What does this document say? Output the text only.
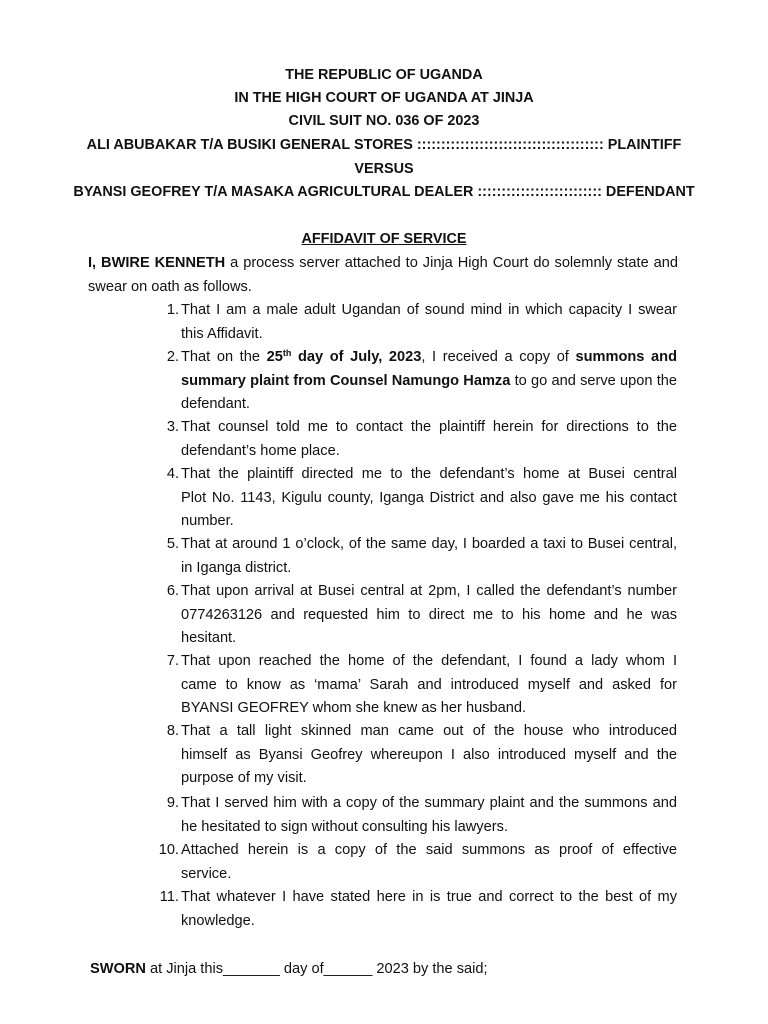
THE REPUBLIC OF UGANDA
IN THE HIGH COURT OF UGANDA AT JINJA
CIVIL SUIT NO. 036 OF 2023
ALI ABUBAKAR T/A BUSIKI GENERAL STORES ::::::::::::::::::::::::::::::::::::::: PLAINTIFF
VERSUS
BYANSI GEOFREY T/A MASAKA AGRICULTURAL DEALER :::::::::::::::::::::::::: DEFENDANT
AFFIDAVIT OF SERVICE
I, BWIRE KENNETH a process server attached to Jinja High Court do solemnly state and
swear on oath as follows.
1. That I am a male adult Ugandan of sound mind in which capacity I swear
this Affidavit.
2. That on the 25th day of July, 2023, I received a copy of summons and
summary plaint from Counsel Namungo Hamza to go and serve upon the
defendant.
3. That counsel told me to contact the plaintiff herein for directions to the
defendant’s home place.
4. That the plaintiff directed me to the defendant’s home at Busei central
Plot No. 1143, Kigulu county, Iganga District and also gave me his contact
number.
5. That at around 1 o’clock, of the same day, I boarded a taxi to Busei central,
in Iganga district.
6. That upon arrival at Busei central at 2pm, I called the defendant’s number
0774263126 and requested him to direct me to his home and he was
hesitant.
7. That upon reached the home of the defendant, I found a lady whom I
came to know as ‘mama’ Sarah and introduced myself and asked for
BYANSI GEOFREY whom she knew as her husband.
8. That a tall light skinned man came out of the house who introduced
himself as Byansi Geofrey whereupon I also introduced myself and the
purpose of my visit.
9. That I served him with a copy of the summary plaint and the summons and
he hesitated to sign without consulting his lawyers.
10. Attached herein is a copy of the said summons as proof of effective
service.
11. That whatever I have stated here in is true and correct to the best of my
knowledge.
SWORN at Jinja this_______ day of______ 2023 by the said;
